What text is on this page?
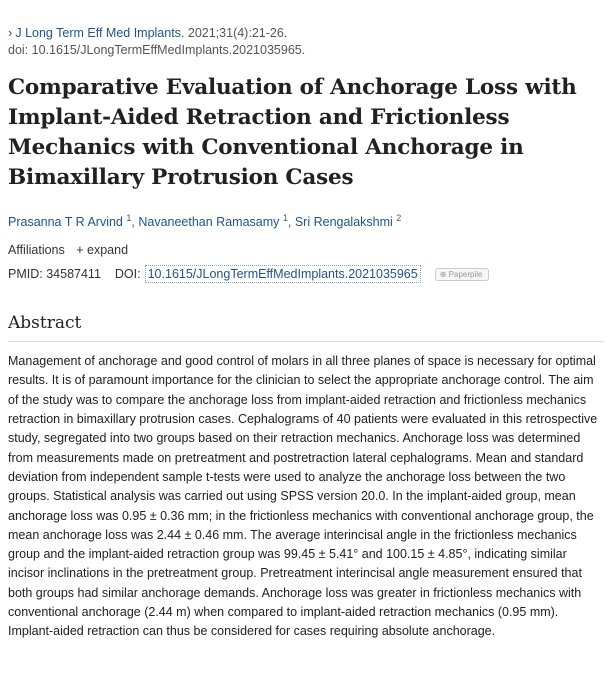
› J Long Term Eff Med Implants. 2021;31(4):21-26.
doi: 10.1615/JLongTermEffMedImplants.2021035965.
Comparative Evaluation of Anchorage Loss with Implant-Aided Retraction and Frictionless Mechanics with Conventional Anchorage in Bimaxillary Protrusion Cases
Prasanna T R Arvind $^1$, Navaneethan Ramasamy $^1$, Sri Rengalakshmi $^2$
Affiliations + expand
PMID:
34587411 DOI: 10.1615/JLongTermEffMedImplants.2021035965	⊕ Paperpile
Abstract
Management of anchorage and good control of molars in all three planes of space is necessary for optimal results. It is of paramount importance for the clinician to select the appropriate anchorage control. The aim of the study was to compare the anchorage loss from implant-aided retraction and frictionless mechanics retraction in bimaxillary protrusion cases. Cephalograms of 40 patients were evaluated in this retrospective study, segregated into two groups based on their retraction mechanics. Anchorage loss was determined from measurements made on pretreatment and postretraction lateral cephalograms. Mean and standard deviation from independent sample t-tests were used to analyze the anchorage loss between the two groups. Statistical analysis was carried out using SPSS version 20.0. In the implant-aided group, mean anchorage loss was 0.95 ± 0.36 mm; in the frictionless mechanics with conventional anchorage group, the mean anchorage loss was 2.44 ± 0.46 mm. The average interincisal angle in the frictionless mechanics group and the implant-aided retraction group was 99.45 ± 5.41° and 100.15 ± 4.85°, indicating similar incisor inclinations in the pretreatment group. Pretreatment interincisal angle measurement ensured that both groups had similar anchorage demands. Anchorage loss was greater in frictionless mechanics with conventional anchorage (2.44 m) when compared to implant-aided retraction mechanics (0.95 mm). Implant-aided retraction can thus be considered for cases requiring absolute anchorage.
